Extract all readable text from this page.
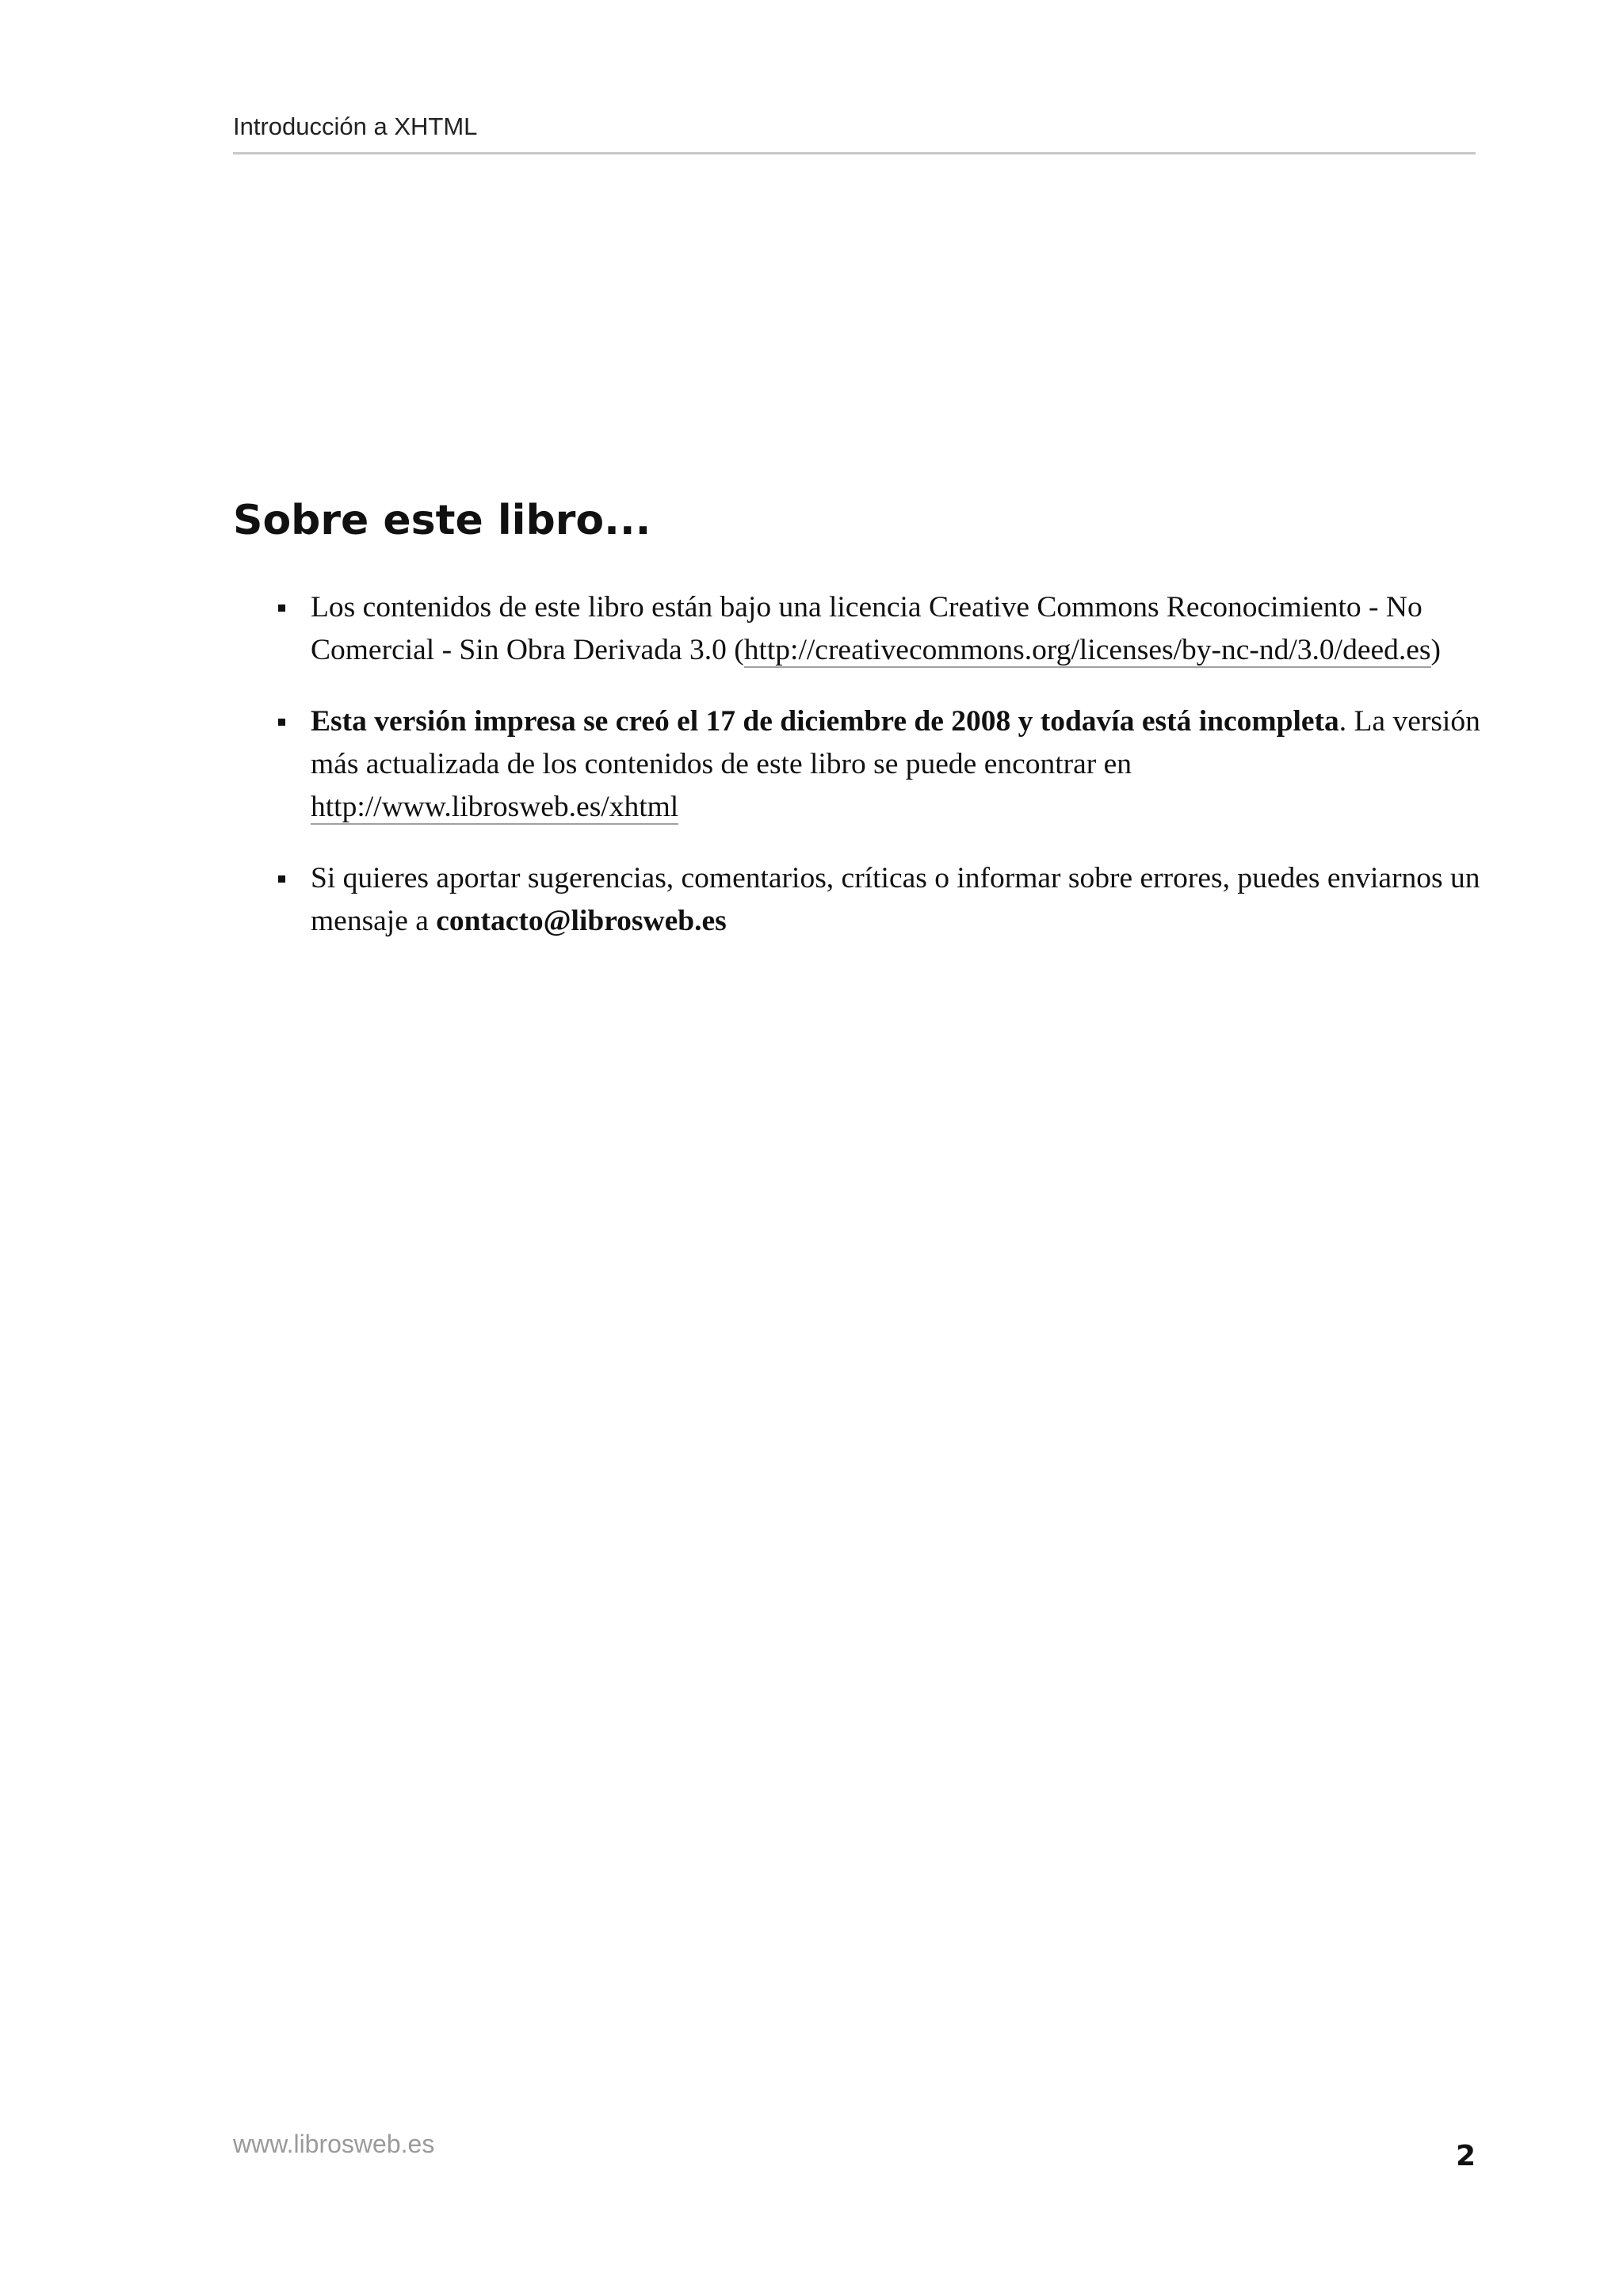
Introducción a XHTML
Sobre este libro...
Los contenidos de este libro están bajo una licencia Creative Commons Reconocimiento - No Comercial - Sin Obra Derivada 3.0 (http://creativecommons.org/licenses/by-nc-nd/3.0/deed.es)
Esta versión impresa se creó el 17 de diciembre de 2008 y todavía está incompleta. La versión más actualizada de los contenidos de este libro se puede encontrar en http://www.librosweb.es/xhtml
Si quieres aportar sugerencias, comentarios, críticas o informar sobre errores, puedes enviarnos un mensaje a contacto@librosweb.es
www.librosweb.es	2
